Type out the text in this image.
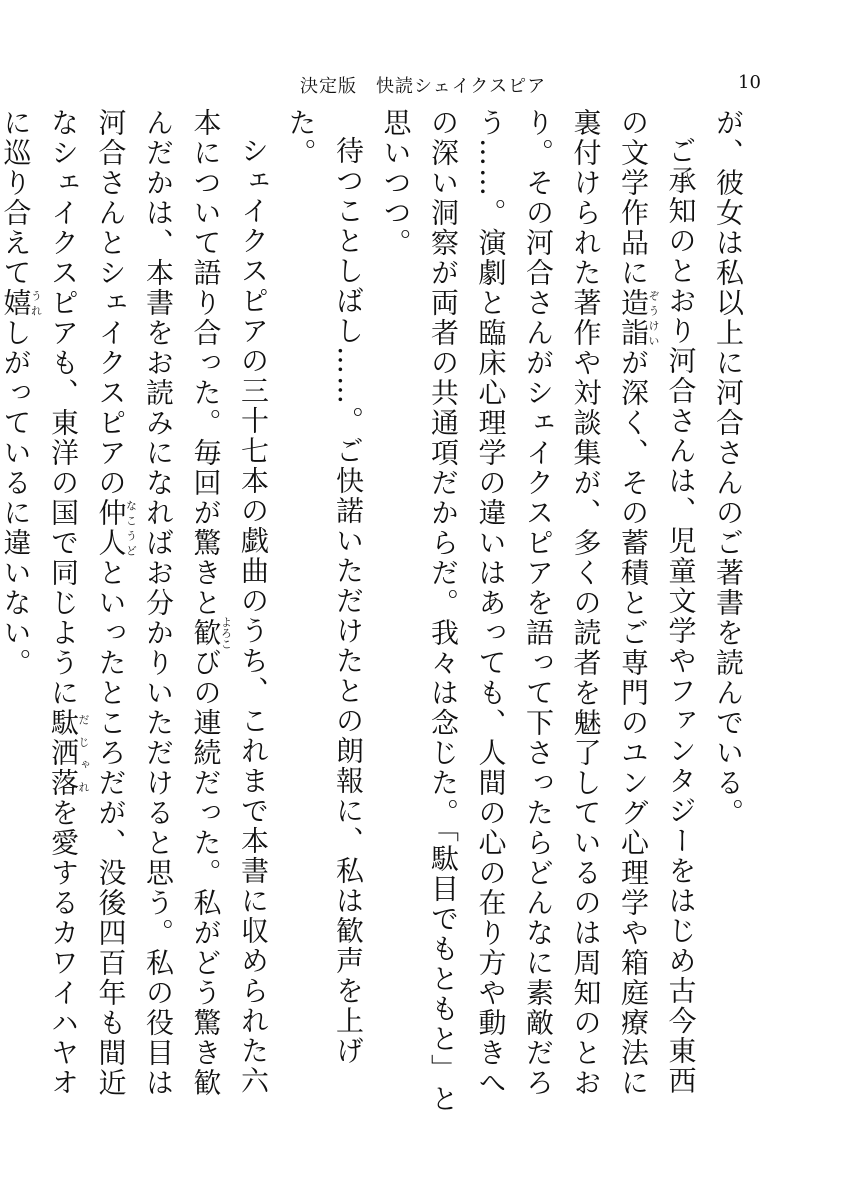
決定版　快読シェイクスピア	10

が、彼女は私以上に河合さんのご著書を読んでいる。

ご承知のとおり河合さんは、児童文学やファンタジーをはじめ古今東西の文学作品に造詣ぞうけいが深く、その蓄積とご専門のユング心理学や箱庭療法に裏付けられた著作や対談集が、多くの読者を魅了しているのは周知のとおり。その河合さんがシェイクスピアを語って下さったらどんなに素敵だろう……。演劇と臨床心理学の違いはあっても、人間の心の在り方や動きへの深い洞察が両者の共通項だからだ。我々は念じた。「駄目でもともと」と思いつつ。

待つことしばし……。ご快諾いただけたとの朗報に、私は歓声を上げた。

シェイクスピアの三十七本の戯曲のうち、これまで本書に収められた六本について語り合った。毎回が驚きと歓よろこびの連続だった。私がどう驚き歓んだかは、本書をお読みになればお分かりいただけると思う。私の役目は河合さんとシェイクスピアの仲人なこうどといったところだが、没後四百年も間近なシェイクスピアも、東洋の国で同じように駄洒落だじゃれを愛するカワイハヤオに巡り合えて嬉うれしがっているに違いない。
